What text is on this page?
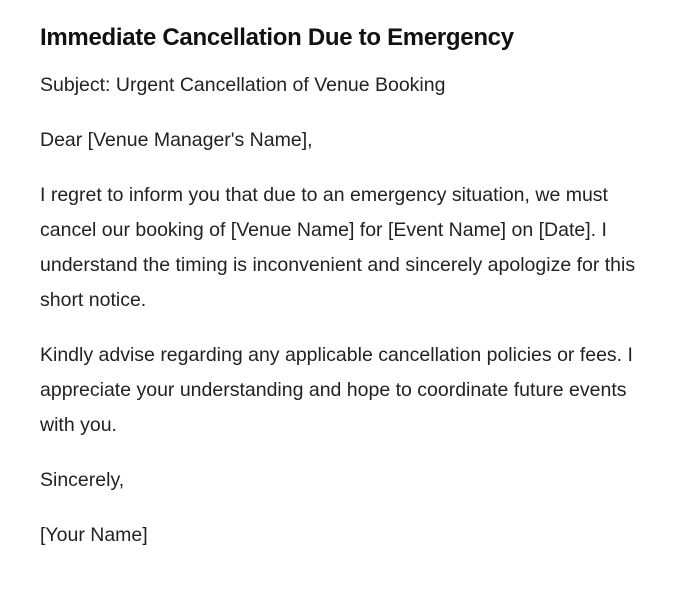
Immediate Cancellation Due to Emergency

Subject: Urgent Cancellation of Venue Booking

Dear [Venue Manager's Name],

I regret to inform you that due to an emergency situation, we must cancel our booking of [Venue Name] for [Event Name] on [Date]. I understand the timing is inconvenient and sincerely apologize for this short notice.

Kindly advise regarding any applicable cancellation policies or fees. I appreciate your understanding and hope to coordinate future events with you.

Sincerely,

[Your Name]
